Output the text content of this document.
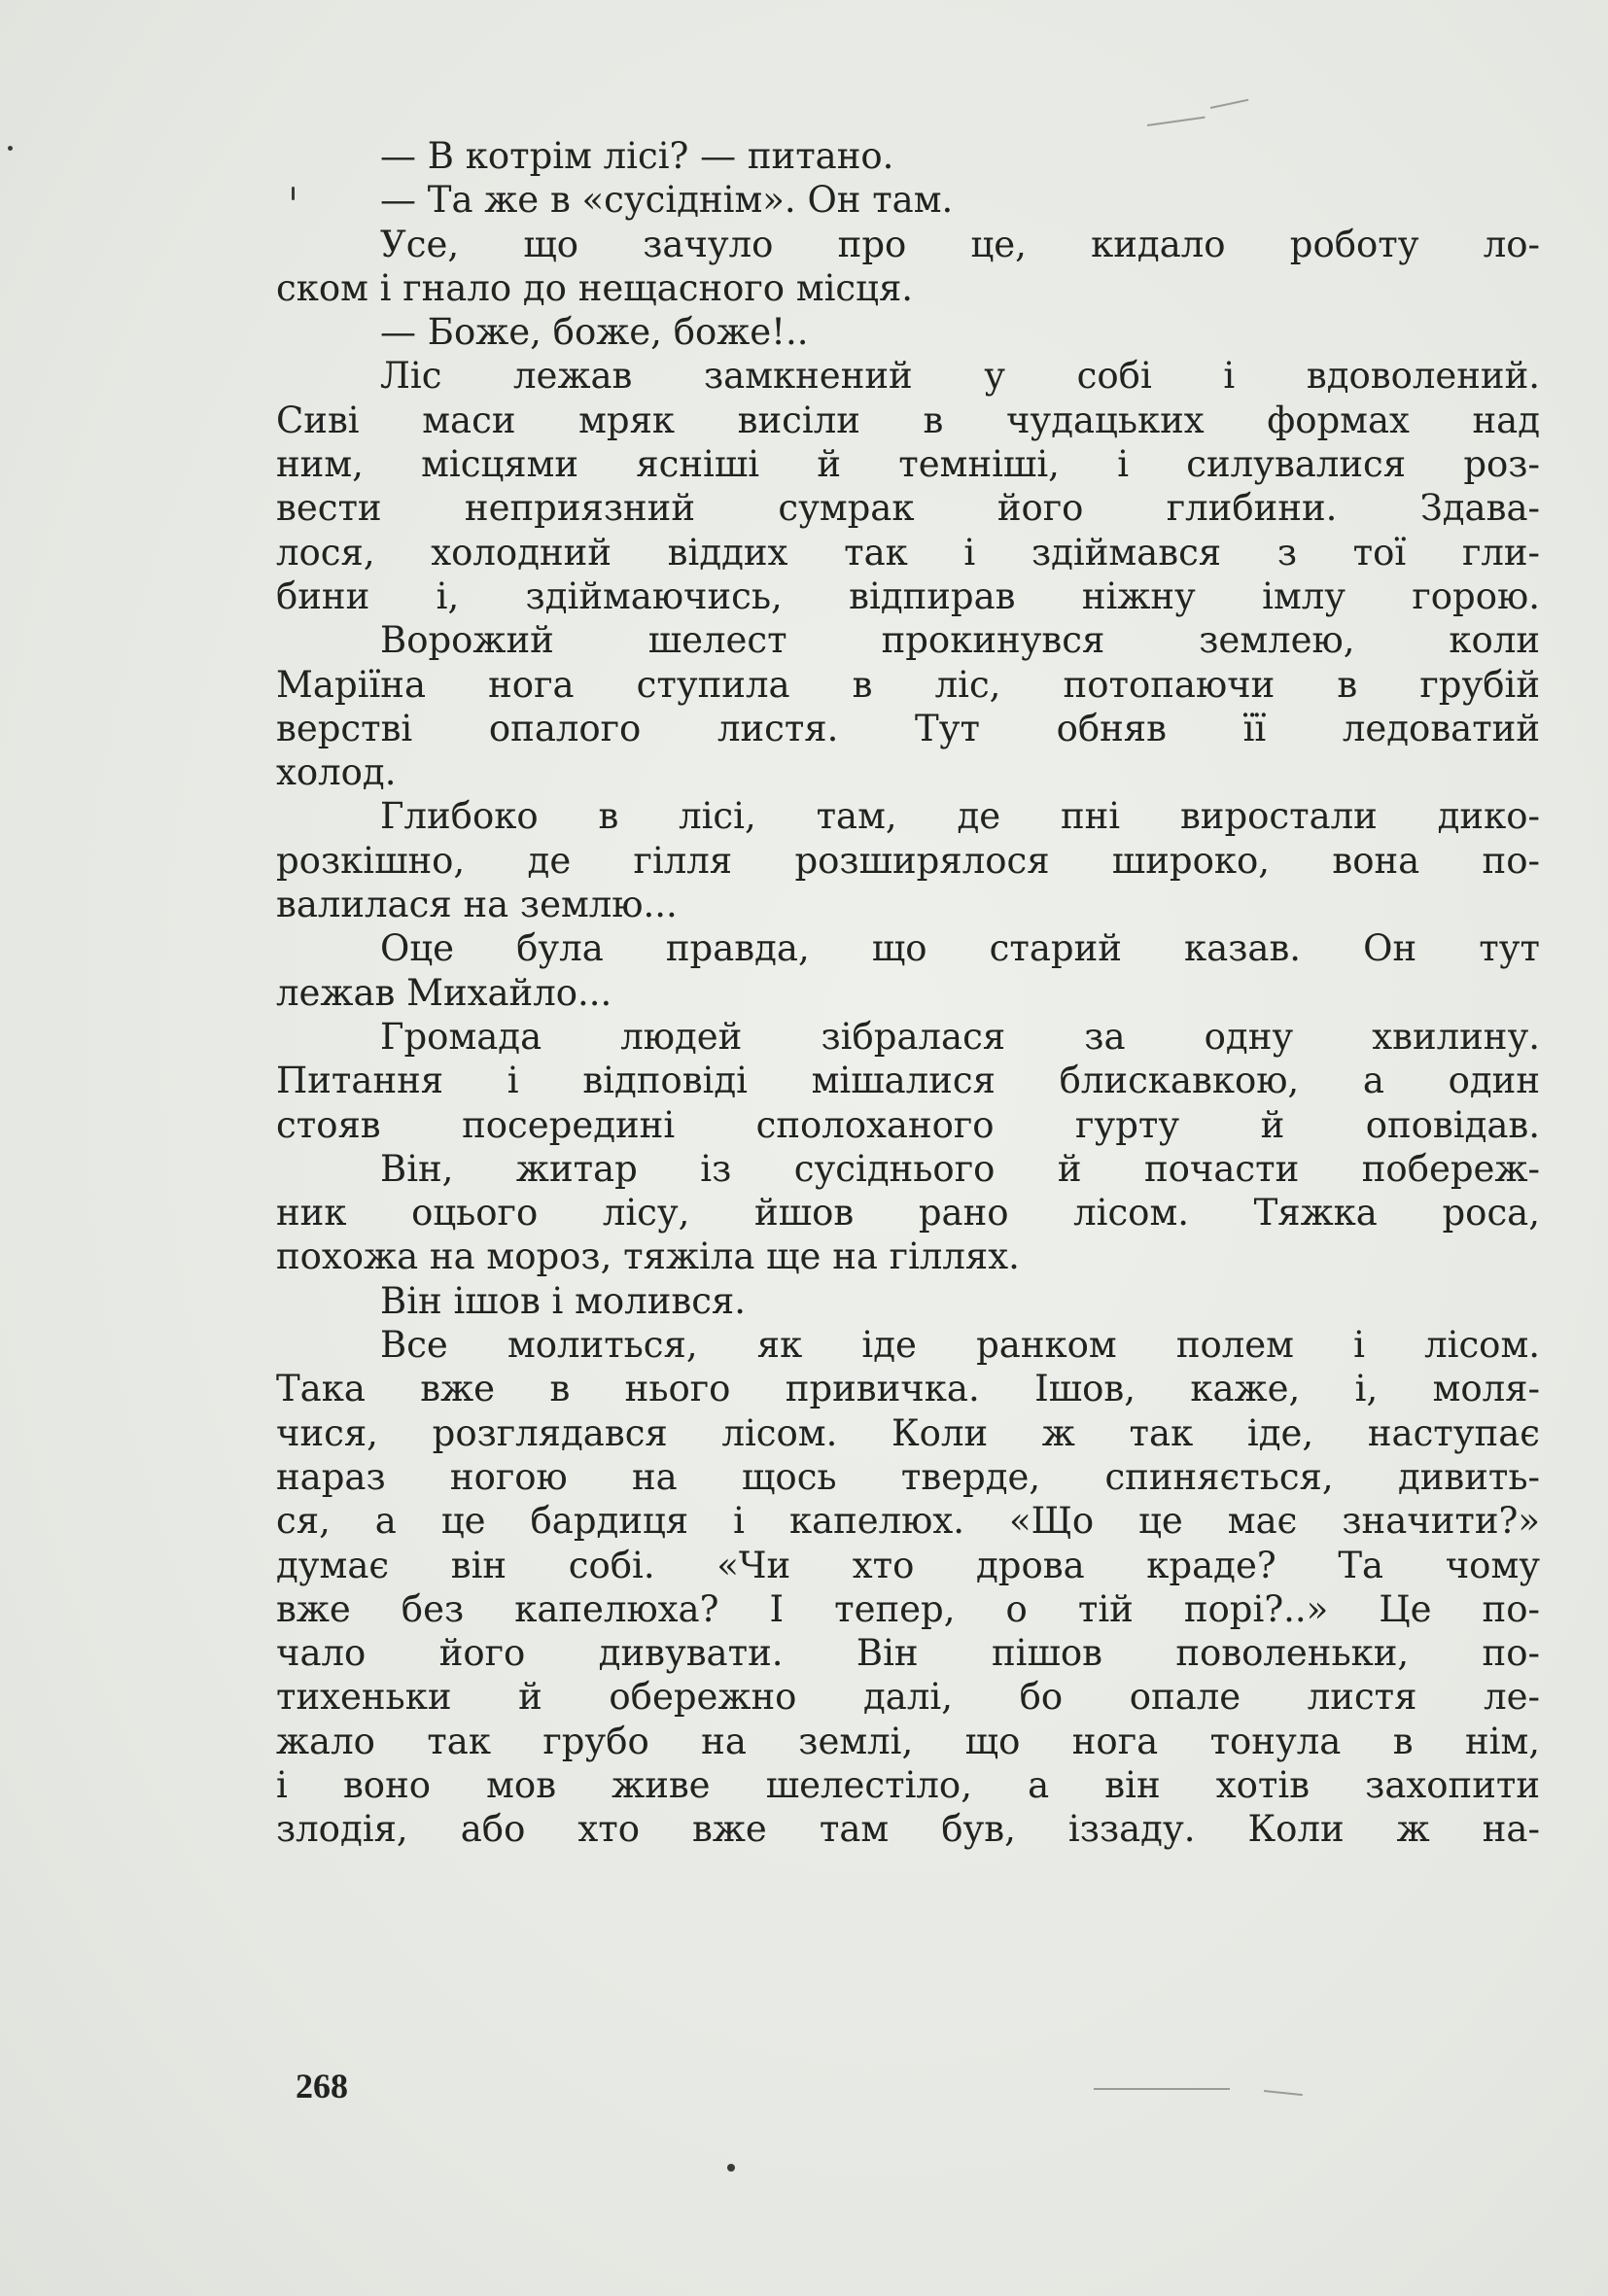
— В котрім лісі? — питано.
— Та же в «сусіднім». Он там.
Усе, що зачуло про це, кидало роботу ло-
ском і гнало до нещасного місця.
— Боже, боже, боже!..
Ліс лежав замкнений у собі і вдоволений.
Сиві маси мряк висіли в чудацьких формах над
ним, місцями ясніші й темніші, і силувалися роз-
вести неприязний сумрак його глибини. Здава-
лося, холодний віддих так і здіймався з тої гли-
бини і, здіймаючись, відпирав ніжну імлу горою.
Ворожий шелест прокинувся землею, коли
Маріїна нога ступила в ліс, потопаючи в грубій
верстві опалого листя. Тут обняв її ледоватий
холод.
Глибоко в лісі, там, де пні виростали дико-
розкішно, де гілля розширялося широко, вона по-
валилася на землю...
Оце була правда, що старий казав. Он тут
лежав Михайло...
Громада людей зібралася за одну хвилину.
Питання і відповіді мішалися блискавкою, а один
стояв посередині сполоханого гурту й оповідав.
Він, житар із сусіднього й почасти побереж-
ник оцього лісу, йшов рано лісом. Тяжка роса,
похожа на мороз, тяжіла ще на гіллях.
Він ішов і молився.
Все молиться, як іде ранком полем і лісом.
Така вже в нього привичка. Ішов, каже, і, моля-
чися, розглядався лісом. Коли ж так іде, наступає
нараз ногою на щось тверде, спиняється, дивить-
ся, а це бардиця і капелюх. «Що це має значити?»
думає він собі. «Чи хто дрова краде? Та чому
вже без капелюха? І тепер, о тій порі?..» Це по-
чало його дивувати. Він пішов поволеньки, по-
тихеньки й обережно далі, бо опале листя ле-
жало так грубо на землі, що нога тонула в нім,
і воно мов живе шелестіло, а він хотів захопити
злодія, або хто вже там був, іззаду. Коли ж на-
268
